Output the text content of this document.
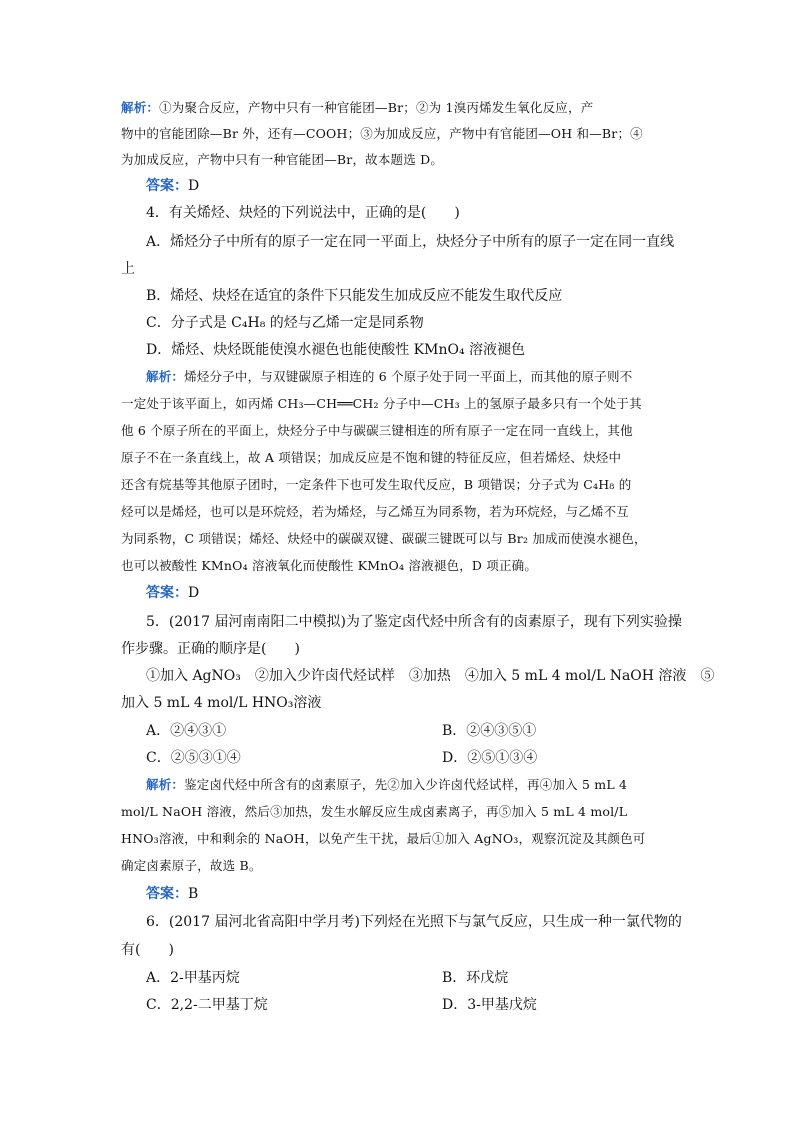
解析：①为聚合反应，产物中只有一种官能团—Br；②为 1溴丙烯发生氧化反应，产
物中的官能团除—Br 外，还有—COOH；③为加成反应，产物中有官能团—OH 和—Br；④
为加成反应，产物中只有一种官能团—Br，故本题选 D。
答案：D
4．有关烯烃、炔烃的下列说法中，正确的是(　　)
A．烯烃分子中所有的原子一定在同一平面上，炔烃分子中所有的原子一定在同一直线
上
B．烯烃、炔烃在适宜的条件下只能发生加成反应不能发生取代反应
C．分子式是 C₄H₈ 的烃与乙烯一定是同系物
D．烯烃、炔烃既能使溴水褪色也能使酸性 KMnO₄ 溶液褪色
解析：烯烃分子中，与双键碳原子相连的 6 个原子处于同一平面上，而其他的原子则不
一定处于该平面上，如丙烯 CH₃—CH══CH₂ 分子中—CH₃ 上的氢原子最多只有一个处于其
他 6 个原子所在的平面上，炔烃分子中与碳碳三键相连的所有原子一定在同一直线上，其他
原子不在一条直线上，故 A 项错误；加成反应是不饱和键的特征反应，但若烯烃、炔烃中
还含有烷基等其他原子团时，一定条件下也可发生取代反应，B 项错误；分子式为 C₄H₈ 的
烃可以是烯烃，也可以是环烷烃，若为烯烃，与乙烯互为同系物，若为环烷烃，与乙烯不互
为同系物，C 项错误；烯烃、炔烃中的碳碳双键、碳碳三键既可以与 Br₂ 加成而使溴水褪色，
也可以被酸性 KMnO₄ 溶液氧化而使酸性 KMnO₄ 溶液褪色，D 项正确。
答案：D
5．(2017 届河南南阳二中模拟)为了鉴定卤代烃中所含有的卤素原子，现有下列实验操
作步骤。正确的顺序是(　　)
①加入 AgNO₃　②加入少许卤代烃试样　③加热　④加入 5 mL 4 mol/L NaOH 溶液　⑤
加入 5 mL 4 mol/L HNO₃溶液
A．②④③①	B．②④③⑤①
C．②⑤③①④	D．②⑤①③④
解析：鉴定卤代烃中所含有的卤素原子，先②加入少许卤代烃试样，再④加入 5 mL 4
mol/L NaOH 溶液，然后③加热，发生水解反应生成卤素离子，再⑤加入 5 mL 4 mol/L
HNO₃溶液，中和剩余的 NaOH，以免产生干扰，最后①加入 AgNO₃，观察沉淀及其颜色可
确定卤素原子，故选 B。
答案：B
6．(2017 届河北省高阳中学月考)下列烃在光照下与氯气反应，只生成一种一氯代物的
有(　　)
A．2-甲基丙烷	B．环戊烷
C．2,2-二甲基丁烷	D．3-甲基戊烷
